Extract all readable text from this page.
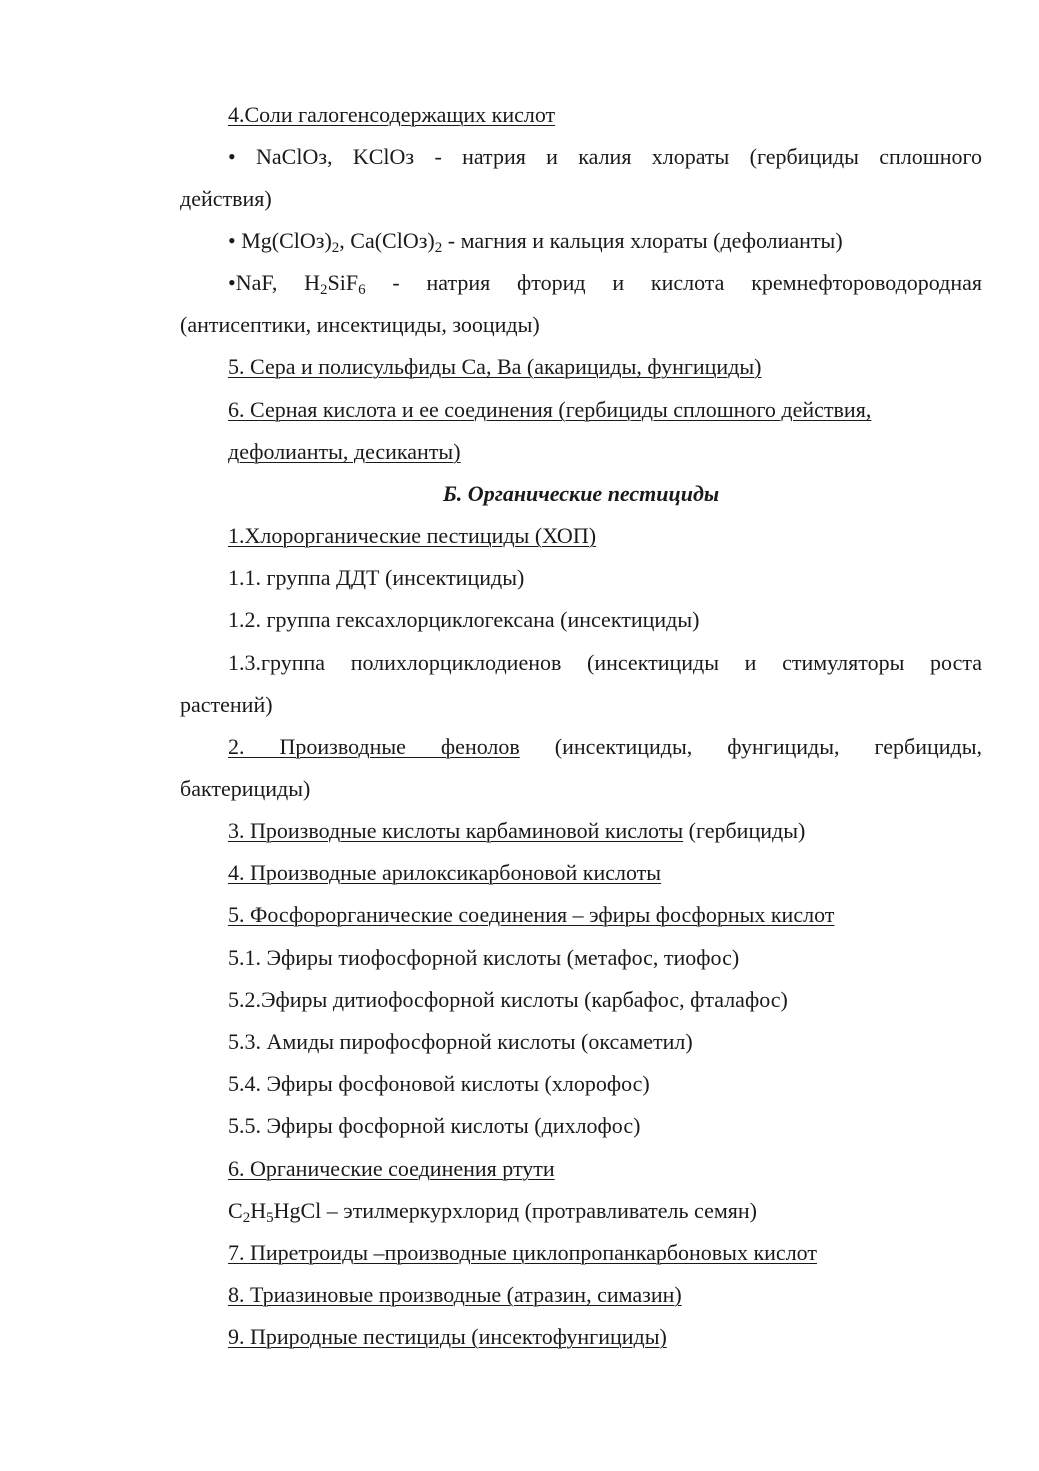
4.Соли галогенсодержащих кислот

• NaClOз, KClOз - натрия и калия хлораты (гербициды сплошного

действия)

• $Mg(ClOз)_2$, $Ca(ClOз)_2$ - магния и кальция хлораты (дефолианты)

•NaF, $H_2SiF_6$ - натрия фторид и кислота кремнефтороводородная

(антисептики, инсектициды, зооциды)

5. Сера и полисульфиды Ca, Ba (акарициды, фунгициды)

6. Серная кислота и ее соединения (гербициды сплошного действия,

дефолианты, десиканты)

Б. Органические пестициды

1.Хлорорганические пестициды (ХОП)

1.1. группа ДДТ (инсектициды)

1.2. группа гексахлорциклогексана (инсектициды)

1.3.группа полихлорциклодиенов (инсектициды и стимуляторы роста

растений)

2. Производные фенолов (инсектициды, фунгициды, гербициды,

бактерициды)

3. Производные кислоты карбаминовой кислоты (гербициды)

4. Производные арилоксикарбоновой кислоты

5. Фосфорорганические соединения – эфиры фосфорных кислот

5.1. Эфиры тиофосфорной кислоты (метафос, тиофос)

5.2.Эфиры дитиофосфорной кислоты (карбафос, фталафос)

5.3. Амиды пирофосфорной кислоты (оксаметил)

5.4. Эфиры фосфоновой кислоты (хлорофос)

5.5. Эфиры фосфорной кислоты (дихлофос)

6. Органические соединения ртути

$C_2H_5HgCl$ – этилмеркурхлорид (протравливатель семян)

7. Пиретроиды –производные циклопропанкарбоновых кислот

8. Триазиновые производные (атразин, симазин)

9. Природные пестициды (инсектофунгициды)
